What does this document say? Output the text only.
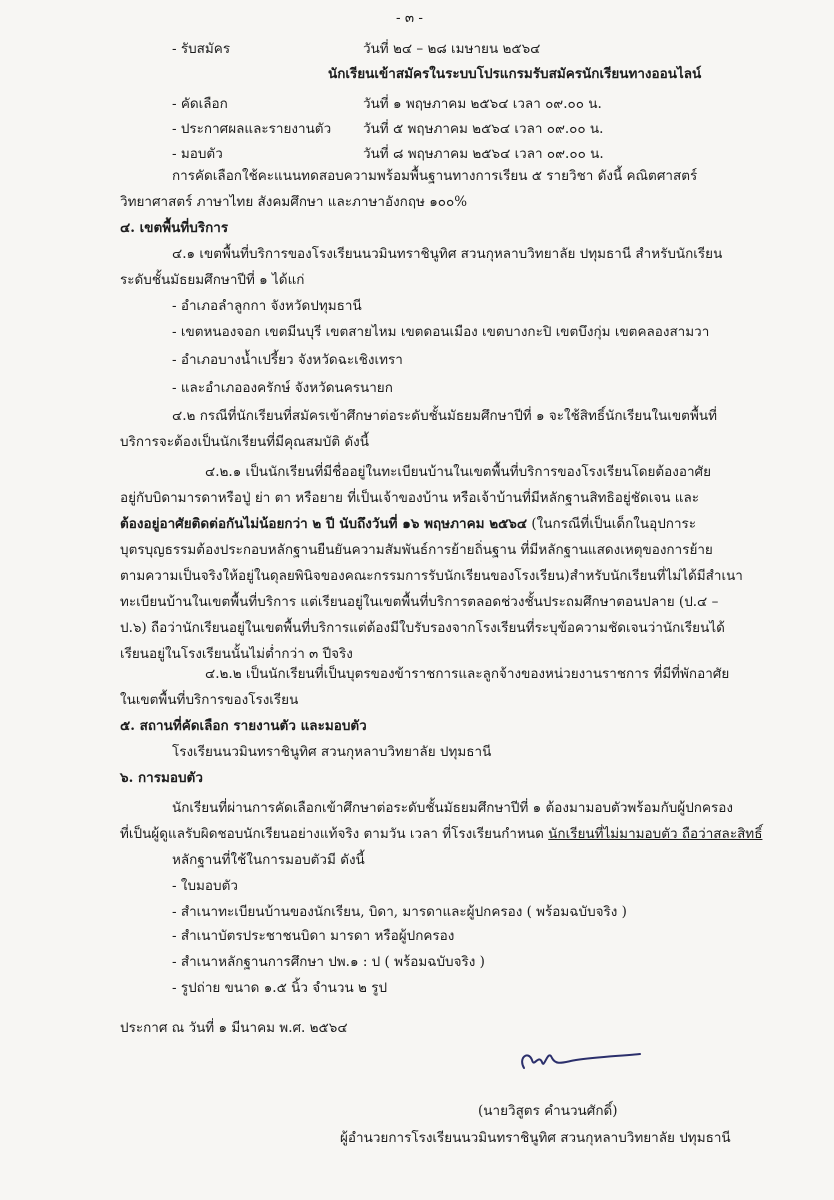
- ๓ -
- รับสมัคร	วันที่ ๒๔ – ๒๘ เมษายน ๒๕๖๔
นักเรียนเข้าสมัครในระบบโปรแกรมรับสมัครนักเรียนทางออนไลน์
- คัดเลือก	วันที่ ๑ พฤษภาคม ๒๕๖๔ เวลา ๐๙.๐๐ น.
- ประกาศผลและรายงานตัว วันที่ ๕ พฤษภาคม ๒๕๖๔ เวลา ๐๙.๐๐ น.
- มอบตัว	วันที่ ๘ พฤษภาคม ๒๕๖๔ เวลา ๐๙.๐๐ น.
การคัดเลือกใช้คะแนนทดสอบความพร้อมพื้นฐานทางการเรียน ๕ รายวิชา ดังนี้ คณิตศาสตร์
วิทยาศาสตร์ ภาษาไทย สังคมศึกษา และภาษาอังกฤษ ๑๐๐%
๔. เขตพื้นที่บริการ
๔.๑ เขตพื้นที่บริการของโรงเรียนนวมินทราชินูทิศ สวนกุหลาบวิทยาลัย ปทุมธานี สำหรับนักเรียน
ระดับชั้นมัธยมศึกษาปีที่ ๑ ได้แก่
- อำเภอลำลูกกา จังหวัดปทุมธานี
- เขตหนองจอก เขตมีนบุรี เขตสายไหม เขตดอนเมือง เขตบางกะปิ เขตบึงกุ่ม เขตคลองสามวา
- อำเภอบางน้ำเปรี้ยว จังหวัดฉะเชิงเทรา
- และอำเภอองครักษ์ จังหวัดนครนายก
๔.๒ กรณีที่นักเรียนที่สมัครเข้าศึกษาต่อระดับชั้นมัธยมศึกษาปีที่ ๑ จะใช้สิทธิ์นักเรียนในเขตพื้นที่
บริการจะต้องเป็นนักเรียนที่มีคุณสมบัติ ดังนี้
๔.๒.๑ เป็นนักเรียนที่มีชื่ออยู่ในทะเบียนบ้านในเขตพื้นที่บริการของโรงเรียนโดยต้องอาศัย
อยู่กับบิดามารดาหรือปู่ ย่า ตา หรือยาย ที่เป็นเจ้าของบ้าน หรือเจ้าบ้านที่มีหลักฐานสิทธิอยู่ชัดเจน และ
ต้องอยู่อาศัยติดต่อกันไม่น้อยกว่า ๒ ปี นับถึงวันที่ ๑๖ พฤษภาคม ๒๕๖๔ (ในกรณีที่เป็นเด็กในอุปการะ
บุตรบุญธรรมต้องประกอบหลักฐานยืนยันความสัมพันธ์การย้ายถิ่นฐาน ที่มีหลักฐานแสดงเหตุของการย้าย
ตามความเป็นจริงให้อยู่ในดุลยพินิจของคณะกรรมการรับนักเรียนของโรงเรียน)สำหรับนักเรียนที่ไม่ได้มีสำเนา
ทะเบียนบ้านในเขตพื้นที่บริการ แต่เรียนอยู่ในเขตพื้นที่บริการตลอดช่วงชั้นประถมศึกษาตอนปลาย (ป.๔ –
ป.๖) ถือว่านักเรียนอยู่ในเขตพื้นที่บริการแต่ต้องมีใบรับรองจากโรงเรียนที่ระบุข้อความชัดเจนว่านักเรียนได้
เรียนอยู่ในโรงเรียนนั้นไม่ต่ำกว่า ๓ ปีจริง
๔.๒.๒ เป็นนักเรียนที่เป็นบุตรของข้าราชการและลูกจ้างของหน่วยงานราชการ ที่มีที่พักอาศัย
ในเขตพื้นที่บริการของโรงเรียน
๕. สถานที่คัดเลือก รายงานตัว และมอบตัว
โรงเรียนนวมินทราชินูทิศ สวนกุหลาบวิทยาลัย ปทุมธานี
๖. การมอบตัว
นักเรียนที่ผ่านการคัดเลือกเข้าศึกษาต่อระดับชั้นมัธยมศึกษาปีที่ ๑ ต้องมามอบตัวพร้อมกับผู้ปกครอง
ที่เป็นผู้ดูแลรับผิดชอบนักเรียนอย่างแท้จริง ตามวัน เวลา ที่โรงเรียนกำหนด นักเรียนที่ไม่มามอบตัว ถือว่าสละสิทธิ์
หลักฐานที่ใช้ในการมอบตัวมี ดังนี้
- ใบมอบตัว
- สำเนาทะเบียนบ้านของนักเรียน, บิดา, มารดาและผู้ปกครอง ( พร้อมฉบับจริง )
- สำเนาบัตรประชาชนบิดา มารดา หรือผู้ปกครอง
- สำเนาหลักฐานการศึกษา ปพ.๑ : ป ( พร้อมฉบับจริง )
- รูปถ่าย ขนาด ๑.๕ นิ้ว จำนวน ๒ รูป
ประกาศ ณ วันที่ ๑ มีนาคม พ.ศ. ๒๕๖๔
(นายวิสูตร คำนวนศักดิ์)
ผู้อำนวยการโรงเรียนนวมินทราชินูทิศ สวนกุหลาบวิทยาลัย ปทุมธานี
